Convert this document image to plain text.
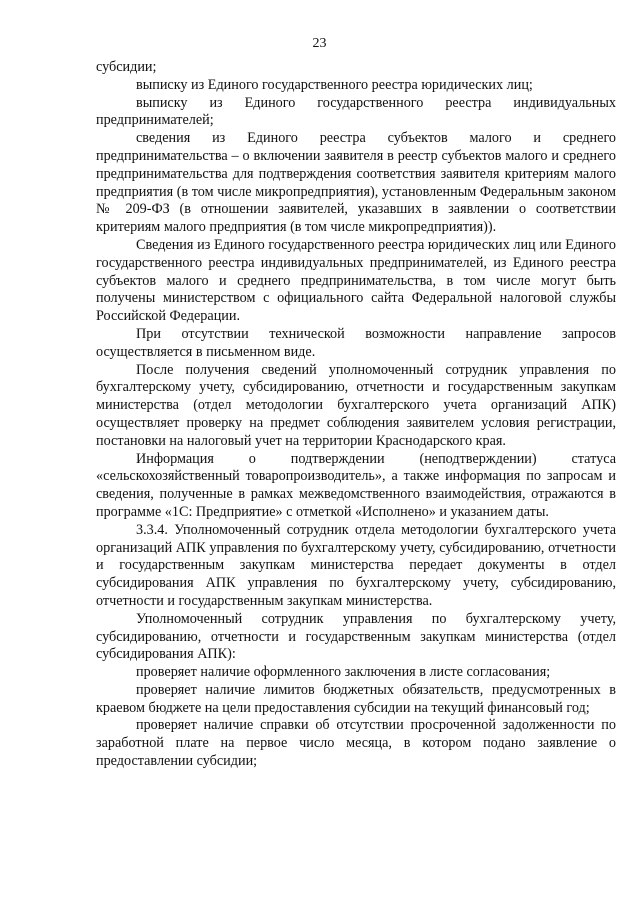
23

субсидии;

выписку из Единого государственного реестра юридических лиц;

выписку из Единого государственного реестра индивидуальных предпринимателей;

сведения из Единого реестра субъектов малого и среднего предпринимательства – о включении заявителя в реестр субъектов малого и среднего предпринимательства для подтверждения соответствия заявителя критериям малого предприятия (в том числе микропредприятия), установленным Федеральным законом № 209-ФЗ (в отношении заявителей, указавших в заявлении о соответствии критериям малого предприятия (в том числе микропредприятия)).

Сведения из Единого государственного реестра юридических лиц или Единого государственного реестра индивидуальных предпринимателей, из Единого реестра субъектов малого и среднего предпринимательства, в том числе могут быть получены министерством с официального сайта Федеральной налоговой службы Российской Федерации.

При отсутствии технической возможности направление запросов осуществляется в письменном виде.

После получения сведений уполномоченный сотрудник управления по бухгалтерскому учету, субсидированию, отчетности и государственным закупкам министерства (отдел методологии бухгалтерского учета организаций АПК) осуществляет проверку на предмет соблюдения заявителем условия регистрации, постановки на налоговый учет на территории Краснодарского края.

Информация о подтверждении (неподтверждении) статуса «сельскохозяйственный товаропроизводитель», а также информация по запросам и сведения, полученные в рамках межведомственного взаимодействия, отражаются в программе «1С: Предприятие» с отметкой «Исполнено» и указанием даты.

3.3.4. Уполномоченный сотрудник отдела методологии бухгалтерского учета организаций АПК управления по бухгалтерскому учету, субсидированию, отчетности и государственным закупкам министерства передает документы в отдел субсидирования АПК управления по бухгалтерскому учету, субсидированию, отчетности и государственным закупкам министерства.

Уполномоченный сотрудник управления по бухгалтерскому учету, субсидированию, отчетности и государственным закупкам министерства (отдел субсидирования АПК):

проверяет наличие оформленного заключения в листе согласования;

проверяет наличие лимитов бюджетных обязательств, предусмотренных в краевом бюджете на цели предоставления субсидии на текущий финансовый год;

проверяет наличие справки об отсутствии просроченной задолженности по заработной плате на первое число месяца, в котором подано заявление о предоставлении субсидии;
